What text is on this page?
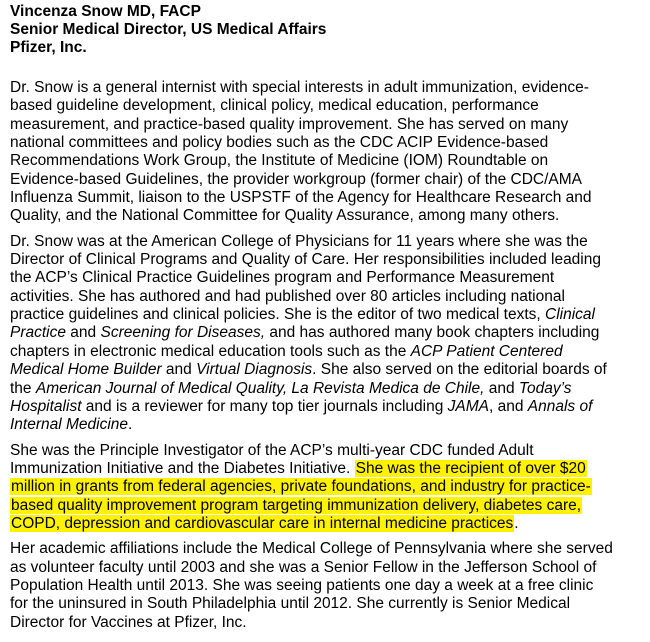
Vincenza Snow MD, FACP
Senior Medical Director, US Medical Affairs
Pfizer, Inc.

Dr. Snow is a general internist with special interests in adult immunization, evidence-
based guideline development, clinical policy, medical education, performance
measurement, and practice-based quality improvement. She has served on many
national committees and policy bodies such as the CDC ACIP Evidence-based
Recommendations Work Group, the Institute of Medicine (IOM) Roundtable on
Evidence-based Guidelines, the provider workgroup (former chair) of the CDC/AMA
Influenza Summit, liaison to the USPSTF of the Agency for Healthcare Research and
Quality, and the National Committee for Quality Assurance, among many others.

Dr. Snow was at the American College of Physicians for 11 years where she was the
Director of Clinical Programs and Quality of Care. Her responsibilities included leading
the ACP’s Clinical Practice Guidelines program and Performance Measurement
activities. She has authored and had published over 80 articles including national
practice guidelines and clinical policies. She is the editor of two medical texts, Clinical
Practice and Screening for Diseases, and has authored many book chapters including
chapters in electronic medical education tools such as the ACP Patient Centered
Medical Home Builder and Virtual Diagnosis. She also served on the editorial boards of
the American Journal of Medical Quality, La Revista Medica de Chile, and Today’s
Hospitalist and is a reviewer for many top tier journals including JAMA, and Annals of
Internal Medicine.

She was the Principle Investigator of the ACP’s multi-year CDC funded Adult
Immunization Initiative and the Diabetes Initiative. She was the recipient of over $20
million in grants from federal agencies, private foundations, and industry for practice-
based quality improvement program targeting immunization delivery, diabetes care,
COPD, depression and cardiovascular care in internal medicine practices.

Her academic affiliations include the Medical College of Pennsylvania where she served
as volunteer faculty until 2003 and she was a Senior Fellow in the Jefferson School of
Population Health until 2013. She was seeing patients one day a week at a free clinic
for the uninsured in South Philadelphia until 2012. She currently is Senior Medical
Director for Vaccines at Pfizer, Inc.
